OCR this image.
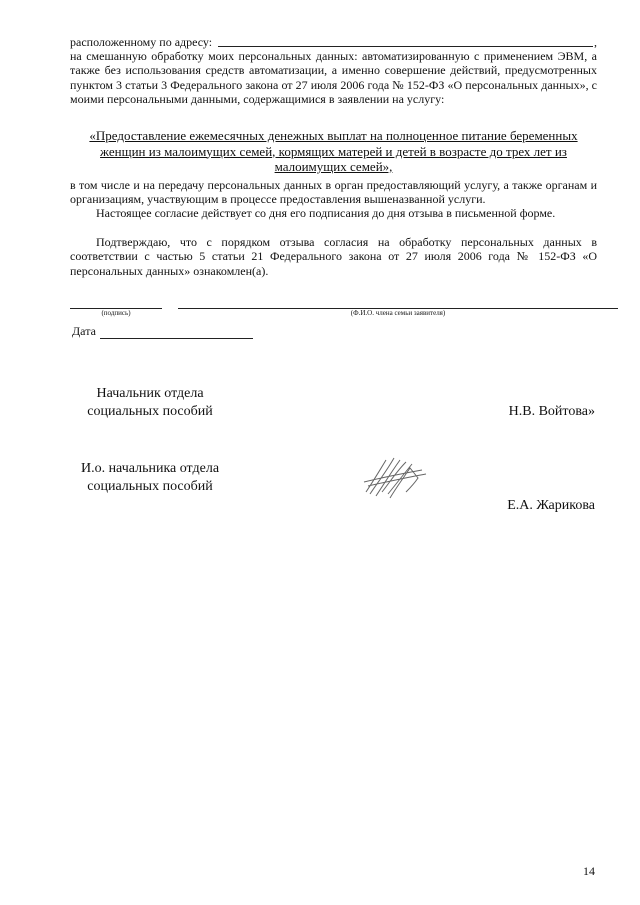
расположенному по адресу:	,
на смешанную обработку моих персональных данных: автоматизированную с применением ЭВМ, а также без использования средств автоматизации, а именно совершение действий, предусмотренных пунктом 3 статьи 3 Федерального закона от 27 июля 2006 года № 152-ФЗ «О персональных данных», с моими персональными данными, содержащимися в заявлении на услугу:
«Предоставление ежемесячных денежных выплат на полноценное питание беременных женщин из малоимущих семей, кормящих матерей и детей в возрасте до трех лет из малоимущих семей»,
в том числе и на передачу персональных данных в орган предоставляющий услугу, а также органам и организациям, участвующим в процессе предоставления вышеназванной услуги.
Настоящее согласие действует со дня его подписания до дня отзыва в письменной форме.
Подтверждаю, что с порядком отзыва согласия на обработку персональных данных в соответствии с частью 5 статьи 21 Федерального закона от 27 июля 2006 года № 152-ФЗ «О персональных данных» ознакомлен(а).
(подпись)	(Ф.И.О. члена семьи заявителя)
Дата
Начальник отдела
социальных пособий	Н.В. Войтова»
И.о. начальника отдела
социальных пособий
Е.А. Жарикова
14
